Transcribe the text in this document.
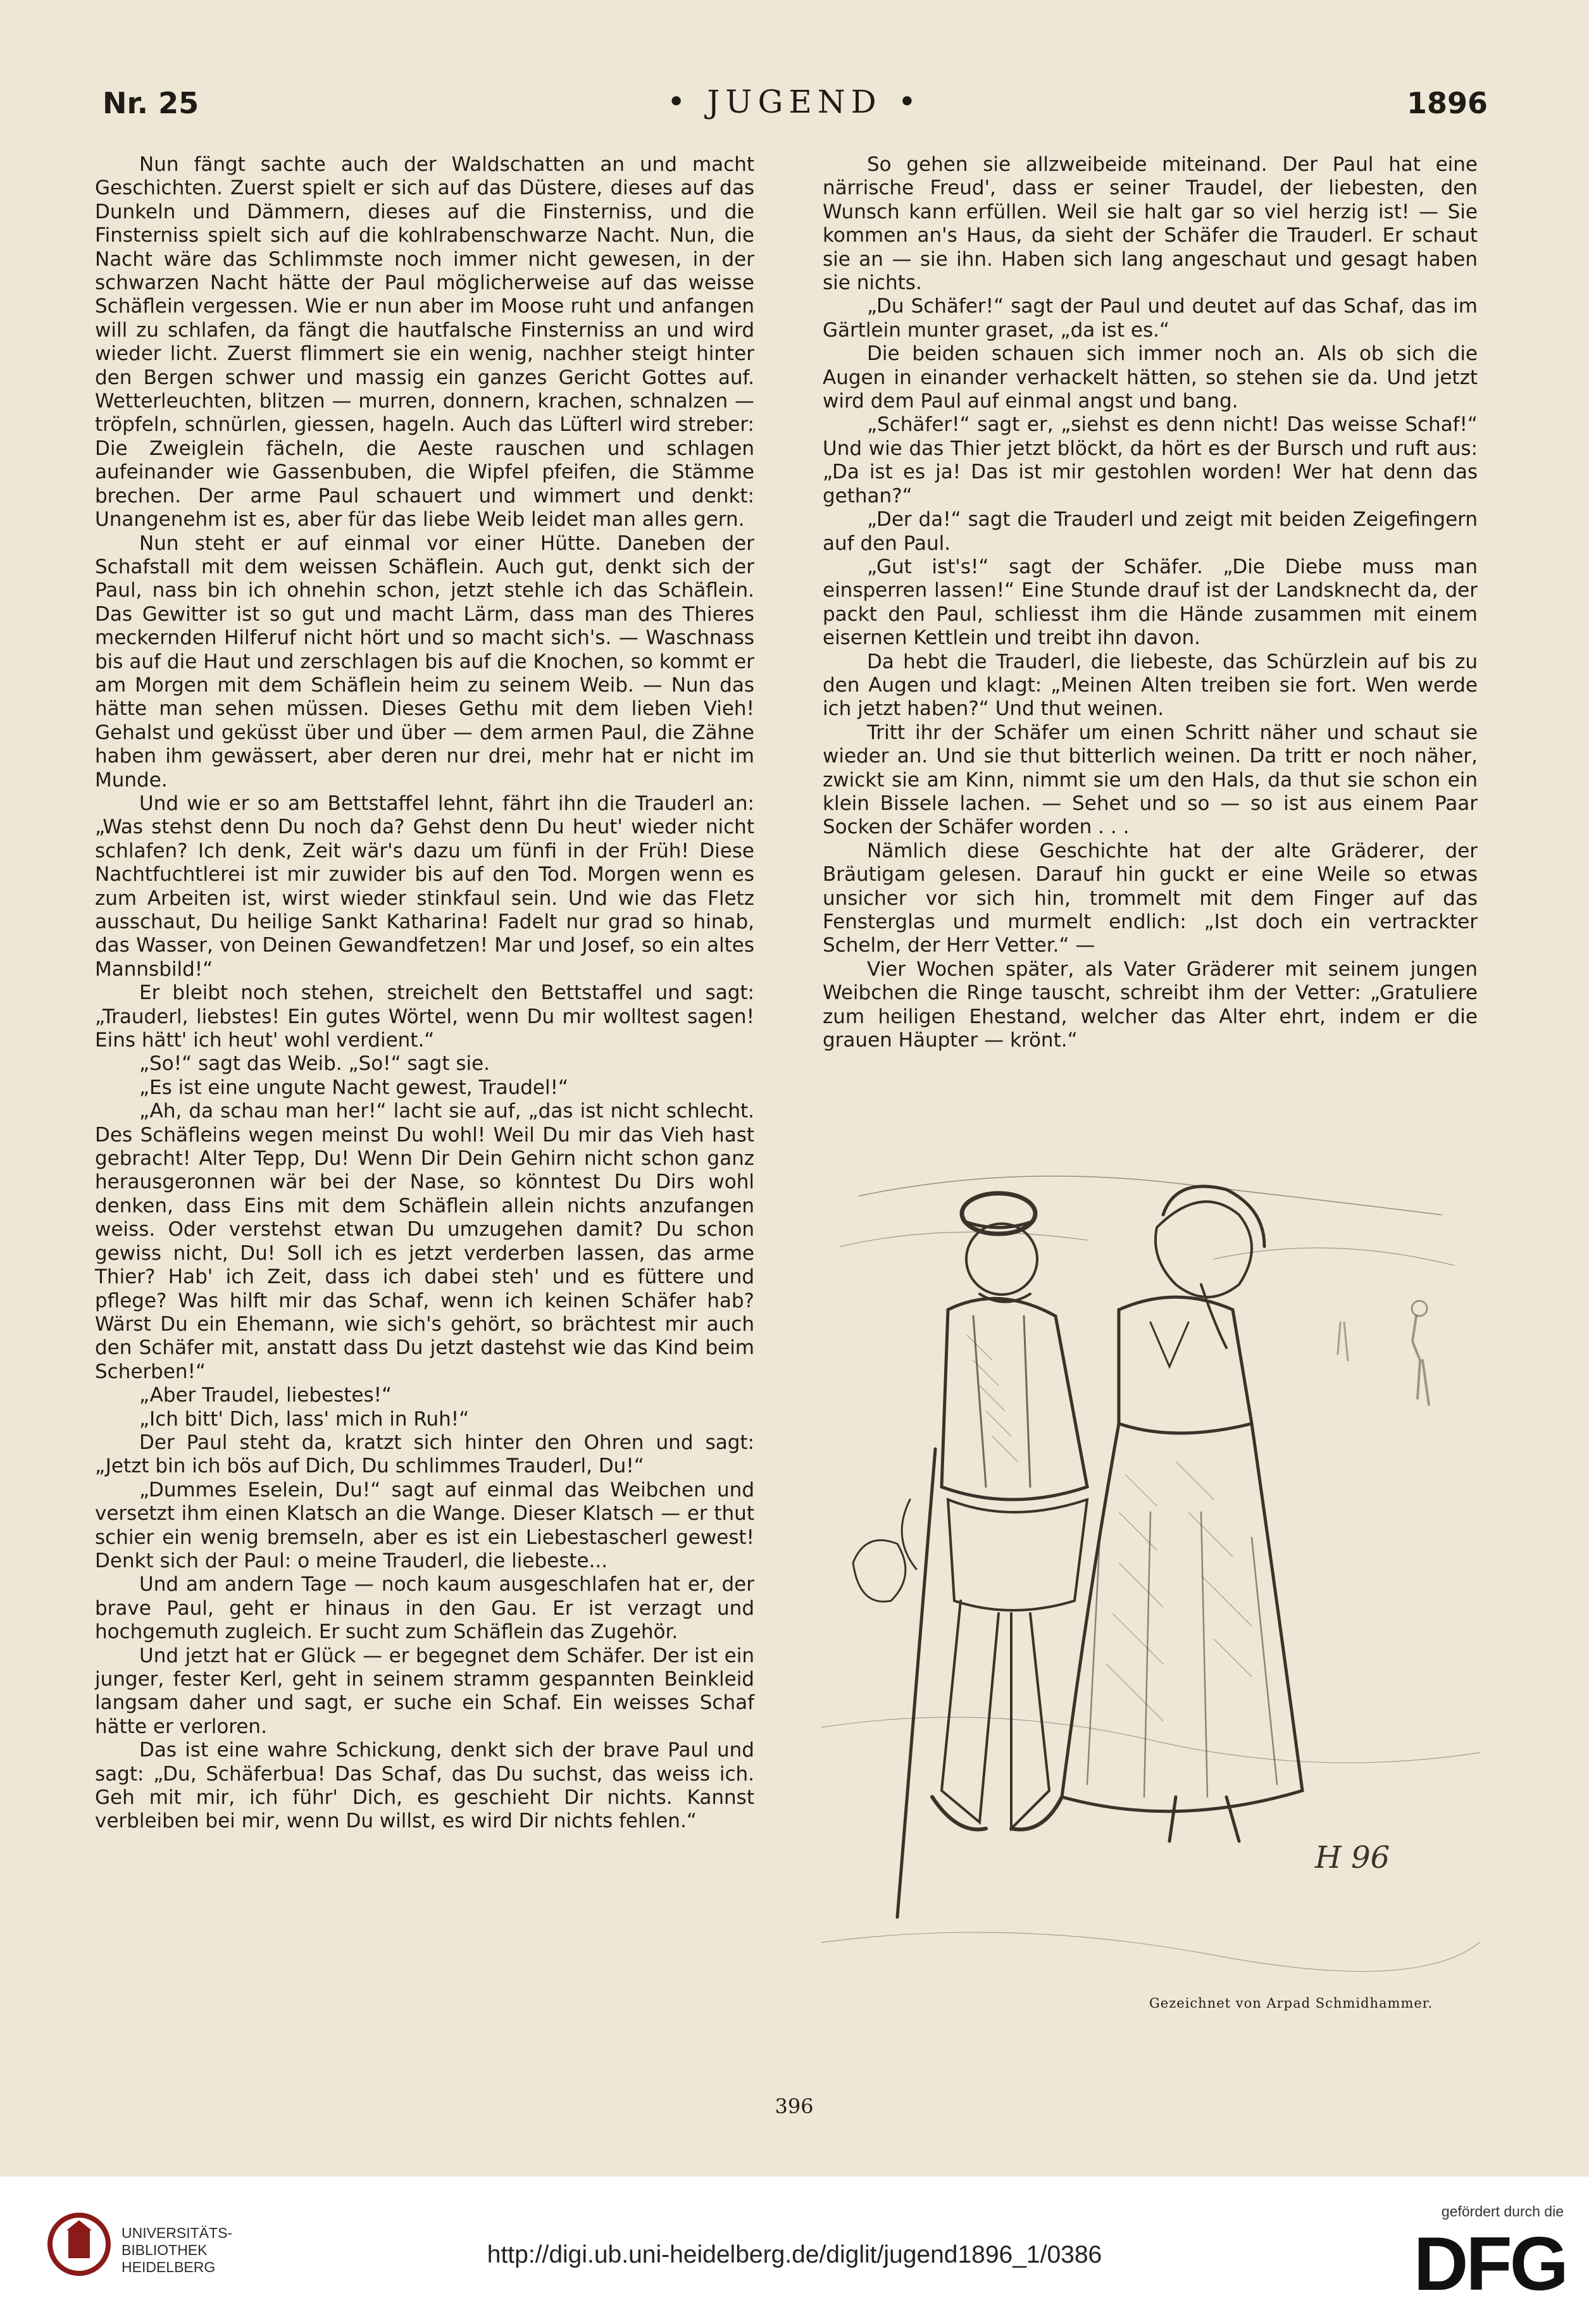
Nr. 25	• JUGEND •	1896

Nun fängt sachte auch der Waldschatten an und macht Geschichten. Zuerst spielt er sich auf das Düstere, dieses auf das Dunkeln und Dämmern, dieses auf die Finsterniss, und die Finsterniss spielt sich auf die kohlrabenschwarze Nacht. Nun, die Nacht wäre das Schlimmste noch immer nicht gewesen, in der schwarzen Nacht hätte der Paul möglicherweise auf das weisse Schäflein vergessen. Wie er nun aber im Moose ruht und anfangen will zu schlafen, da fängt die hautfalsche Finsterniss an und wird wieder licht. Zuerst flimmert sie ein wenig, nachher steigt hinter den Bergen schwer und massig ein ganzes Gericht Gottes auf. Wetterleuchten, blitzen — murren, donnern, krachen, schnalzen — tröpfeln, schnürlen, giessen, hageln. Auch das Lüfterl wird streber: Die Zweiglein fächeln, die Aeste rauschen und schlagen aufeinander wie Gassenbuben, die Wipfel pfeifen, die Stämme brechen. Der arme Paul schauert und wimmert und denkt: Unangenehm ist es, aber für das liebe Weib leidet man alles gern.

Nun steht er auf einmal vor einer Hütte. Daneben der Schafstall mit dem weissen Schäflein. Auch gut, denkt sich der Paul, nass bin ich ohnehin schon, jetzt stehle ich das Schäflein. Das Gewitter ist so gut und macht Lärm, dass man des Thieres meckernden Hilferuf nicht hört und so macht sich's. — Waschnass bis auf die Haut und zerschlagen bis auf die Knochen, so kommt er am Morgen mit dem Schäflein heim zu seinem Weib. — Nun das hätte man sehen müssen. Dieses Gethu mit dem lieben Vieh! Gehalst und geküsst über und über — dem armen Paul, die Zähne haben ihm gewässert, aber deren nur drei, mehr hat er nicht im Munde.

Und wie er so am Bettstaffel lehnt, fährt ihn die Trauderl an: „Was stehst denn Du noch da? Gehst denn Du heut' wieder nicht schlafen? Ich denk, Zeit wär's dazu um fünfi in der Früh! Diese Nachtfuchtlerei ist mir zuwider bis auf den Tod. Morgen wenn es zum Arbeiten ist, wirst wieder stinkfaul sein. Und wie das Fletz ausschaut, Du heilige Sankt Katharina! Fadelt nur grad so hinab, das Wasser, von Deinen Gewandfetzen! Mar und Josef, so ein altes Mannsbild!“

Er bleibt noch stehen, streichelt den Bettstaffel und sagt: „Trauderl, liebstes! Ein gutes Wörtel, wenn Du mir wolltest sagen! Eins hätt' ich heut' wohl verdient.“

„So!“ sagt das Weib. „So!“ sagt sie.

„Es ist eine ungute Nacht gewest, Traudel!“

„Ah, da schau man her!“ lacht sie auf, „das ist nicht schlecht. Des Schäfleins wegen meinst Du wohl! Weil Du mir das Vieh hast gebracht! Alter Tepp, Du! Wenn Dir Dein Gehirn nicht schon ganz herausgeronnen wär bei der Nase, so könntest Du Dirs wohl denken, dass Eins mit dem Schäflein allein nichts anzufangen weiss. Oder verstehst etwan Du umzugehen damit? Du schon gewiss nicht, Du! Soll ich es jetzt verderben lassen, das arme Thier? Hab' ich Zeit, dass ich dabei steh' und es füttere und pflege? Was hilft mir das Schaf, wenn ich keinen Schäfer hab? Wärst Du ein Ehemann, wie sich's gehört, so brächtest mir auch den Schäfer mit, anstatt dass Du jetzt dastehst wie das Kind beim Scherben!“

„Aber Traudel, liebestes!“

„Ich bitt' Dich, lass' mich in Ruh!“

Der Paul steht da, kratzt sich hinter den Ohren und sagt: „Jetzt bin ich bös auf Dich, Du schlimmes Trauderl, Du!“

„Dummes Eselein, Du!“ sagt auf einmal das Weibchen und versetzt ihm einen Klatsch an die Wange. Dieser Klatsch — er thut schier ein wenig bremseln, aber es ist ein Liebestascherl gewest! Denkt sich der Paul: o meine Trauderl, die liebeste...

Und am andern Tage — noch kaum ausgeschlafen hat er, der brave Paul, geht er hinaus in den Gau. Er ist verzagt und hochgemuth zugleich. Er sucht zum Schäflein das Zugehör.

Und jetzt hat er Glück — er begegnet dem Schäfer. Der ist ein junger, fester Kerl, geht in seinem stramm gespannten Beinkleid langsam daher und sagt, er suche ein Schaf. Ein weisses Schaf hätte er verloren.

Das ist eine wahre Schickung, denkt sich der brave Paul und sagt: „Du, Schäferbua! Das Schaf, das Du suchst, das weiss ich. Geh mit mir, ich führ' Dich, es geschieht Dir nichts. Kannst verbleiben bei mir, wenn Du willst, es wird Dir nichts fehlen.“

So gehen sie allzweibeide miteinand. Der Paul hat eine närrische Freud', dass er seiner Traudel, der liebesten, den Wunsch kann erfüllen. Weil sie halt gar so viel herzig ist! — Sie kommen an's Haus, da sieht der Schäfer die Trauderl. Er schaut sie an — sie ihn. Haben sich lang angeschaut und gesagt haben sie nichts.

„Du Schäfer!“ sagt der Paul und deutet auf das Schaf, das im Gärtlein munter graset, „da ist es.“

Die beiden schauen sich immer noch an. Als ob sich die Augen in einander verhackelt hätten, so stehen sie da. Und jetzt wird dem Paul auf einmal angst und bang.

„Schäfer!“ sagt er, „siehst es denn nicht! Das weisse Schaf!“ Und wie das Thier jetzt blöckt, da hört es der Bursch und ruft aus: „Da ist es ja! Das ist mir gestohlen worden! Wer hat denn das gethan?“

„Der da!“ sagt die Trauderl und zeigt mit beiden Zeigefingern auf den Paul.

„Gut ist's!“ sagt der Schäfer. „Die Diebe muss man einsperren lassen!“ Eine Stunde drauf ist der Landsknecht da, der packt den Paul, schliesst ihm die Hände zusammen mit einem eisernen Kettlein und treibt ihn davon.

Da hebt die Trauderl, die liebeste, das Schürzlein auf bis zu den Augen und klagt: „Meinen Alten treiben sie fort. Wen werde ich jetzt haben?“ Und thut weinen.

Tritt ihr der Schäfer um einen Schritt näher und schaut sie wieder an. Und sie thut bitterlich weinen. Da tritt er noch näher, zwickt sie am Kinn, nimmt sie um den Hals, da thut sie schon ein klein Bissele lachen. — Sehet und so — so ist aus einem Paar Socken der Schäfer worden . . .

Nämlich diese Geschichte hat der alte Gräderer, der Bräutigam gelesen. Darauf hin guckt er eine Weile so etwas unsicher vor sich hin, trommelt mit dem Finger auf das Fensterglas und murmelt endlich: „Ist doch ein vertrackter Schelm, der Herr Vetter.“ —

Vier Wochen später, als Vater Gräderer mit seinem jungen Weibchen die Ringe tauscht, schreibt ihm der Vetter: „Gratuliere zum heiligen Ehestand, welcher das Alter ehrt, indem er die grauen Häupter — krönt.“

H 96
Gezeichnet von Arpad Schmidhammer.
396
UNIVERSITÄTS-
BIBLIOTHEK
HEIDELBERG	http://digi.ub.uni-heidelberg.de/diglit/jugend1896_1/0386
gefördert durch die
DFG
